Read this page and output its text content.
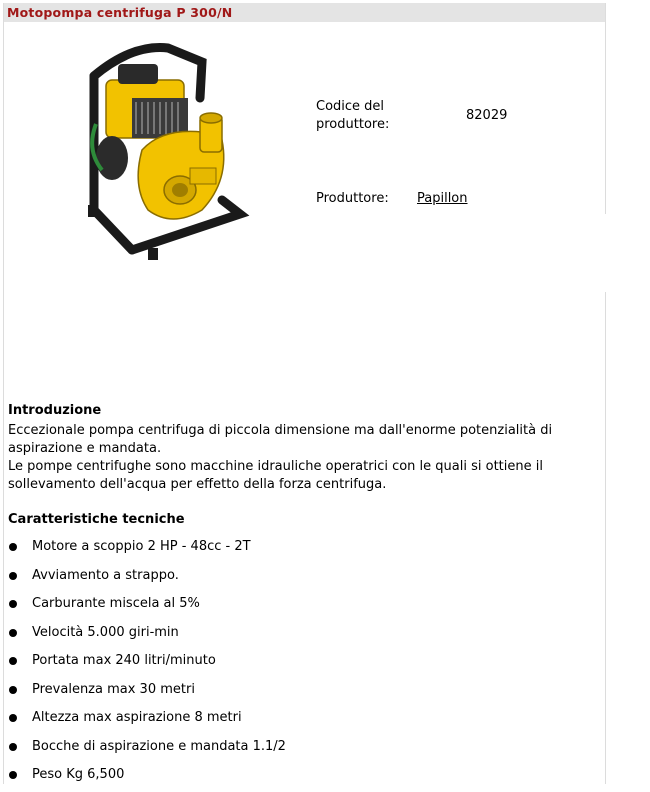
Motopompa centrifuga P 300/N
Codice del produttore:
82029
Produttore: Papillon
Introduzione

Eccezionale pompa centrifuga di piccola dimensione ma dall'enorme potenzialità di aspirazione e mandata.

Le pompe centrifughe sono macchine idrauliche operatrici con le quali si ottiene il sollevamento dell'acqua per effetto della forza centrifuga.

Caratteristiche tecniche
Motore a scoppio 2 HP - 48cc - 2T
Avviamento a strappo.
Carburante miscela al 5%
Velocità 5.000 giri-min
Portata max 240 litri/minuto
Prevalenza max 30 metri
Altezza max aspirazione 8 metri
Bocche di aspirazione e mandata 1.1/2
Peso Kg 6,500
